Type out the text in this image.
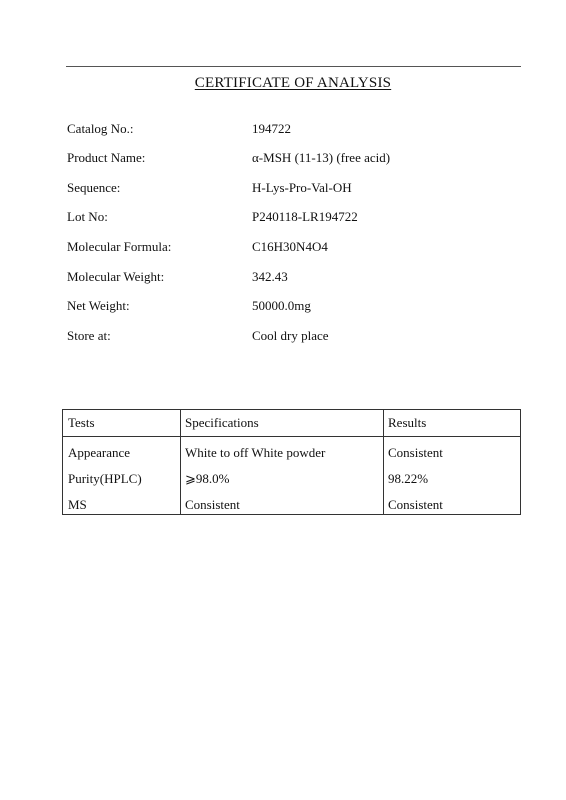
CERTIFICATE OF ANALYSIS
Catalog No.:	194722
Product Name:	α-MSH (11-13) (free acid)
Sequence:	H-Lys-Pro-Val-OH
Lot No:	P240118-LR194722
Molecular Formula:	C16H30N4O4
Molecular Weight:	342.43
Net Weight:	50000.0mg
Store at:	Cool dry place
Tests	Specifications	Results
Appearance	White to off White powder	Consistent
Purity(HPLC)	⩾98.0%	98.22%
MS	Consistent	Consistent
